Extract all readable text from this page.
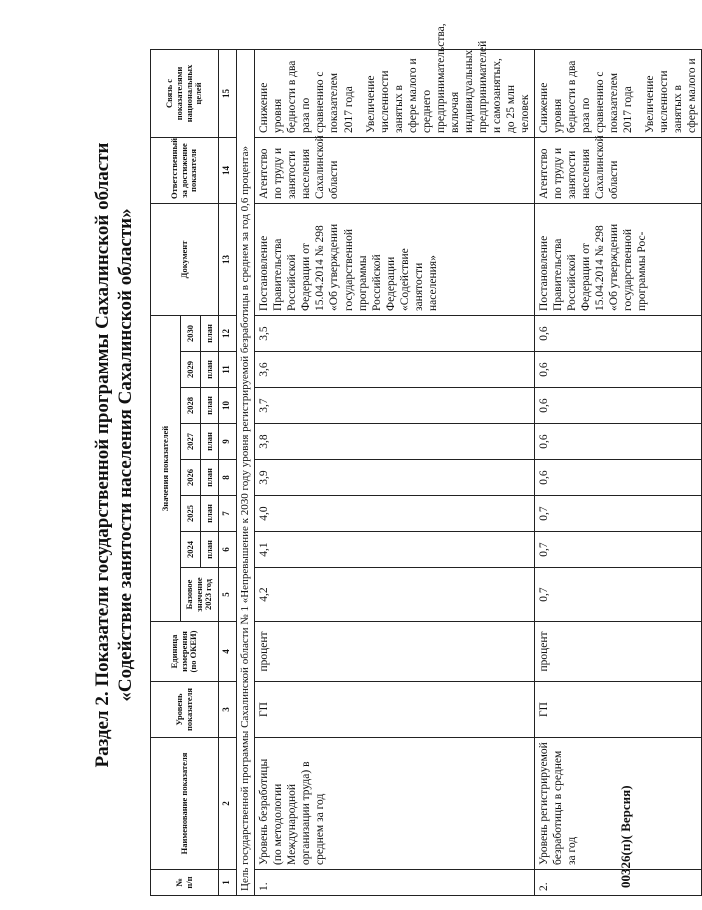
Раздел 2. Показатели государственной программы Сахалинской области «Содействие занятости населения Сахалинской области»
№ п/п	Наименование показателя	Уровень показателя	Единица измерения (по ОКЕИ)	Значения показателей								Документ	Ответственный за достижение показателя	Связь с показателями национальных целей
				Базовое значение 2023 год	2024	2025	2026	2027	2028	2029	2030			
					план	план	план	план	план	план	план			
1	2	3	4	5	6	7	8	9	10	11	12	13	14	15
Цель государственной программы Сахалинской области № 1 «Непревышение к 2030 году уровня регистрируемой безработицы в среднем за год 0,6 процента»														
1.	Уровень безработицы (по методологии Международной организации труда) в среднем за год	ГП	процент	4,2	4,1	4,0	3,9	3,8	3,7	3,6	3,5	Постановление Правительства Российской Федерации от 15.04.2014 № 298 «Об утверждении государственной программы Российской Федерации «Содействие занятости населения»	Агентство по труду и занятости населения Сахалинской области	Снижение уровня бедности в два раза по сравнению с показателем 2017 года Увеличение численности занятых в сфере малого и среднего предпринимательства, включая индивидуальных предпринимателей и самозанятых, до 25 млн человек

2.	Уровень регистрируемой безработицы в среднем за год	ГП	процент	0,7	0,7	0,7	0,6	0,6	0,6	0,6	0,6	Постановление Правительства Российской Федерации от 15.04.2014 № 298 «Об утверждении государственной программы Рос-	Агентство по труду и занятости населения Сахалинской области	Снижение уровня бедности в два раза по сравнению с показателем 2017 года Увеличение численности занятых в сфере малого и
00326(п)( Версия)
